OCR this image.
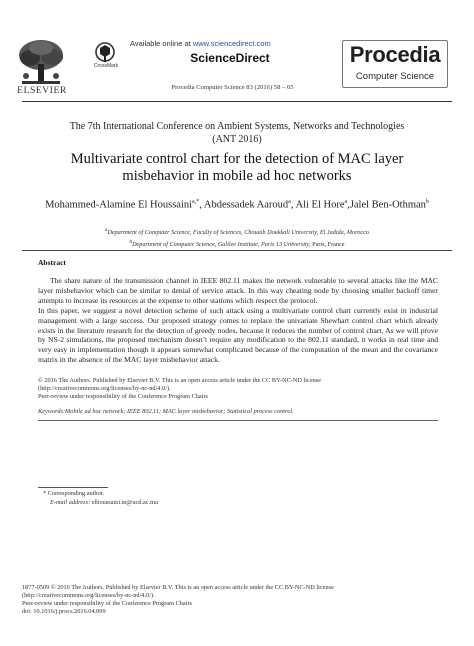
ELSEVIER
CrossMark
Available online at www.sciencedirect.com
ScienceDirect
Procedia Computer Science 83 (2016) 58 – 65
Procedia
Computer Science
The 7th International Conference on Ambient Systems, Networks and Technologies
(ANT 2016)
Multivariate control chart for the detection of MAC layer
misbehavior in mobile ad hoc networks
Mohammed-Alamine El Houssaini$^{a,*}$, Abdessadek Aaroud$^a$, Ali El Hore$^a$,Jalel Ben-Othman$^b$
$^a$Department of Computer Science, Faculty of Sciences, Chouaib Doukkali University, El Jadida, Morocco
$^b$Department of Computer Science, Galilee Institute, Paris 13 University, Paris, France
Abstract

The share nature of the transmission channel in IEEE 802.11 makes the network vulnerable to several attacks like the MAC layer misbehavior which can be similar to denial of service attack. In this way cheating node by choosing smaller backoff timer attempts to increase its resources at the expense to other stations which respect the protocol.

In this paper, we suggest a novel detection scheme of such attack using a multivariate control chart currently exist in industrial management with a large success. Our proposed strategy comes to replace the univariate Shewhart control chart which already exists in the literature research for the detection of greedy nodes, because it reduces the number of control chart. As we will prove by NS-2 simulations, the proposed mechanism doesn’t require any modification to the 802.11 standard, it works in real time and very easy in implementation though it appears somewhat complicated because of the computation of the mean and the covariance matrix in the absence of the MAC layer misbehavior attack.

© 2016 The Authors. Published by Elsevier B.V. This is an open access article under the CC BY-NC-ND license
(http://creativecommons.org/licenses/by-nc-nd/4.0/).
Peer-review under responsibility of the Conference Program Chairs
Keywords:Mobile ad hoc network; IEEE 802.11; MAC layer misbehavior; Statistical process control.
* Corresponding author.
E-mail address: elhoussaini.m@ucd.ac.ma
1877-0509 © 2016 The Authors. Published by Elsevier B.V. This is an open access article under the CC BY-NC-ND license
(http://creativecommons.org/licenses/by-nc-nd/4.0/).
Peer-review under responsibility of the Conference Program Chairs
doi: 10.1016/j.procs.2016.04.099
